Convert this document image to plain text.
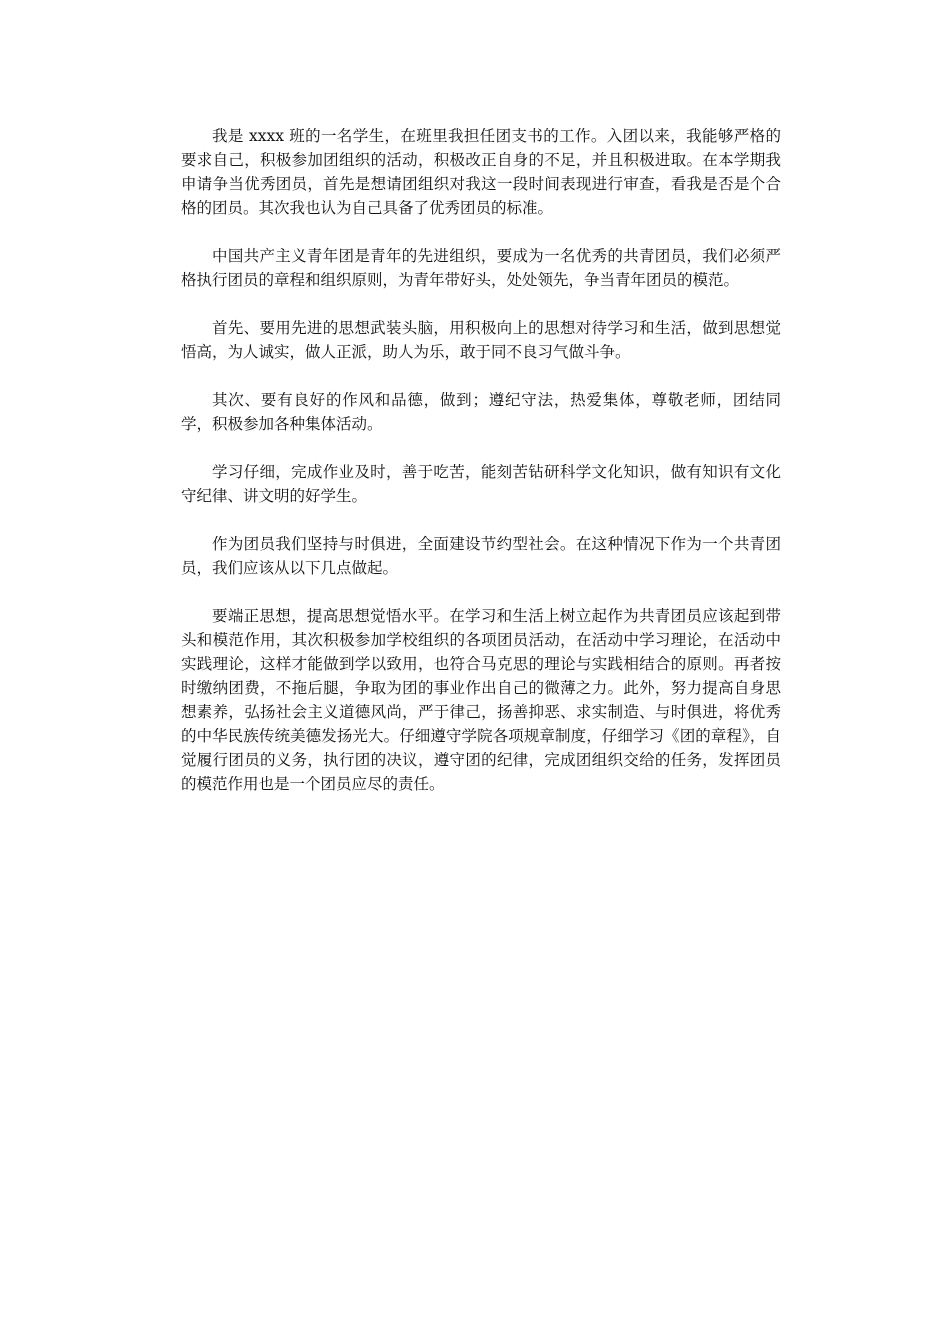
我是 xxxx 班的一名学生，在班里我担任团支书的工作。入团以来，我能够严格的要求自己，积极参加团组织的活动，积极改正自身的不足，并且积极进取。在本学期我申请争当优秀团员，首先是想请团组织对我这一段时间表现进行审查，看我是否是个合格的团员。其次我也认为自己具备了优秀团员的标准。

中国共产主义青年团是青年的先进组织，要成为一名优秀的共青团员，我们必须严格执行团员的章程和组织原则，为青年带好头，处处领先，争当青年团员的模范。

首先、要用先进的思想武装头脑，用积极向上的思想对待学习和生活，做到思想觉悟高，为人诚实，做人正派，助人为乐，敢于同不良习气做斗争。

其次、要有良好的作风和品德，做到；遵纪守法，热爱集体，尊敬老师，团结同学，积极参加各种集体活动。

学习仔细，完成作业及时，善于吃苦，能刻苦钻研科学文化知识，做有知识有文化守纪律、讲文明的好学生。

作为团员我们坚持与时俱进，全面建设节约型社会。在这种情况下作为一个共青团员，我们应该从以下几点做起。

要端正思想，提高思想觉悟水平。在学习和生活上树立起作为共青团员应该起到带头和模范作用，其次积极参加学校组织的各项团员活动，在活动中学习理论，在活动中实践理论，这样才能做到学以致用，也符合马克思的理论与实践相结合的原则。再者按时缴纳团费，不拖后腿，争取为团的事业作出自己的微薄之力。此外，努力提高自身思想素养，弘扬社会主义道德风尚，严于律己，扬善抑恶、求实制造、与时俱进，将优秀的中华民族传统美德发扬光大。仔细遵守学院各项规章制度，仔细学习《团的章程》，自觉履行团员的义务，执行团的决议，遵守团的纪律，完成团组织交给的任务，发挥团员的模范作用也是一个团员应尽的责任。
